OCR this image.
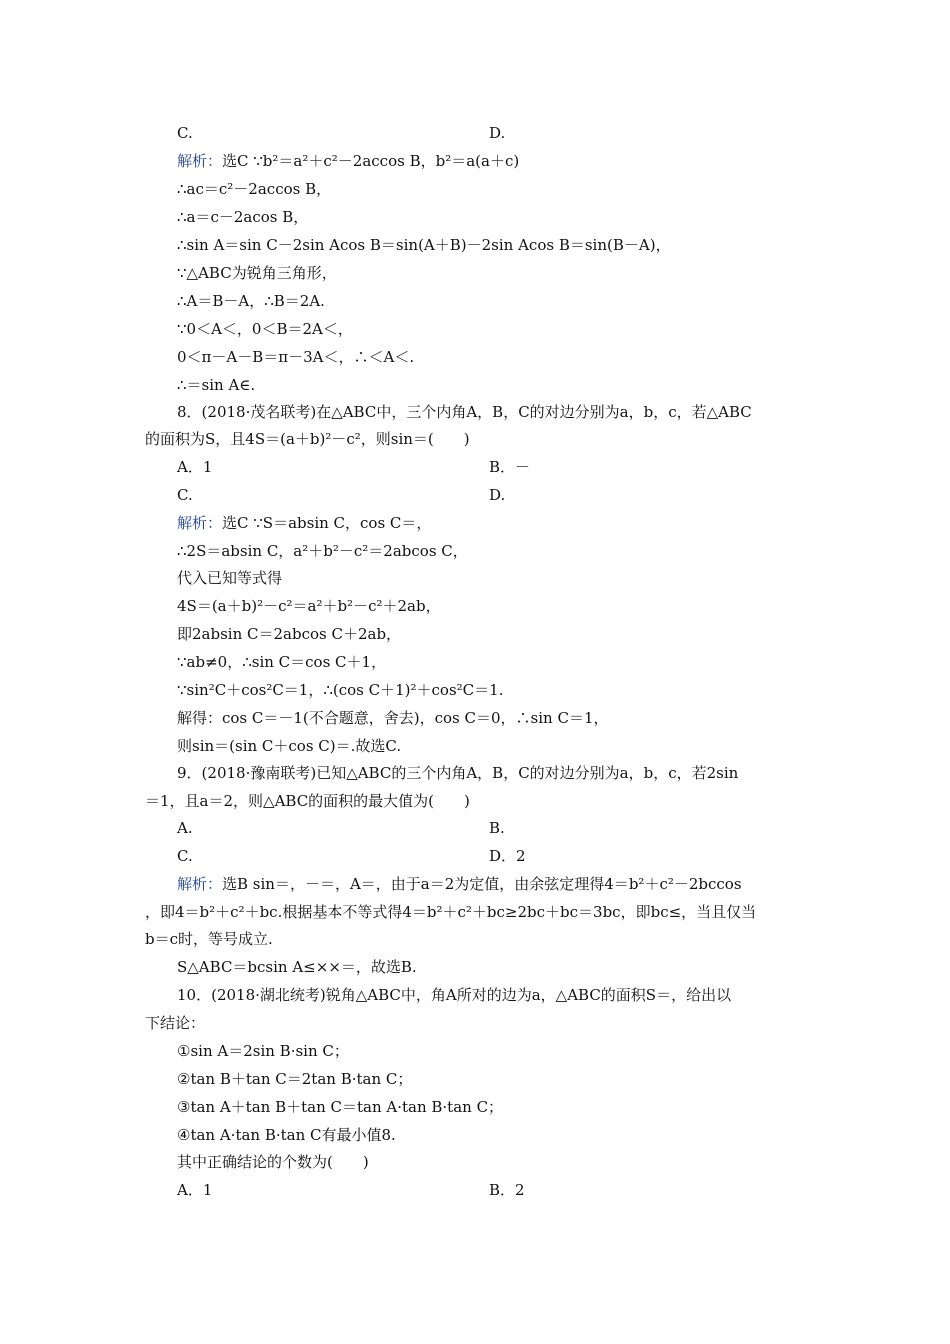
C.	D.
解析：选C ∵b²＝a²＋c²－2accos B，b²＝a(a＋c)
∴ac＝c²－2accos B，
∴a＝c－2acos B，
∴sin A＝sin C－2sin Acos B＝sin(A＋B)－2sin Acos B＝sin(B－A)，
∵△ABC为锐角三角形，
∴A＝B－A，∴B＝2A.
∵0＜A＜，0＜B＝2A＜，
0＜π－A－B＝π－3A＜，∴＜A＜.
∴＝sin A∈.
8．(2018·茂名联考)在△ABC中，三个内角A，B，C的对边分别为a，b，c，若△ABC
的面积为S，且4S＝(a＋b)²－c²，则sin＝(　　)
A．1	B．－
C.	D.
解析：选C ∵S＝absin C，cos C＝，
∴2S＝absin C，a²＋b²－c²＝2abcos C，
代入已知等式得
4S＝(a＋b)²－c²＝a²＋b²－c²＋2ab，
即2absin C＝2abcos C＋2ab，
∵ab≠0，∴sin C＝cos C＋1，
∵sin²C＋cos²C＝1，∴(cos C＋1)²＋cos²C＝1.
解得：cos C＝－1(不合题意，舍去)，cos C＝0，∴sin C＝1，
则sin＝(sin C＋cos C)＝.故选C.
9．(2018·豫南联考)已知△ABC的三个内角A，B，C的对边分别为a，b，c，若2sin
＝1，且a＝2，则△ABC的面积的最大值为(　　)
A.	B.
C.	D．2
解析：选B sin＝，－＝，A＝，由于a＝2为定值，由余弦定理得4＝b²＋c²－2bccos
，即4＝b²＋c²＋bc.根据基本不等式得4＝b²＋c²＋bc≥2bc＋bc＝3bc，即bc≤，当且仅当
b＝c时，等号成立.
S△ABC＝bcsin A≤××＝，故选B.
10．(2018·湖北统考)锐角△ABC中，角A所对的边为a，△ABC的面积S＝，给出以
下结论：
①sin A＝2sin B·sin C；
②tan B＋tan C＝2tan B·tan C；
③tan A＋tan B＋tan C＝tan A·tan B·tan C；
④tan A·tan B·tan C有最小值8.
其中正确结论的个数为(　　)
A．1	B．2
